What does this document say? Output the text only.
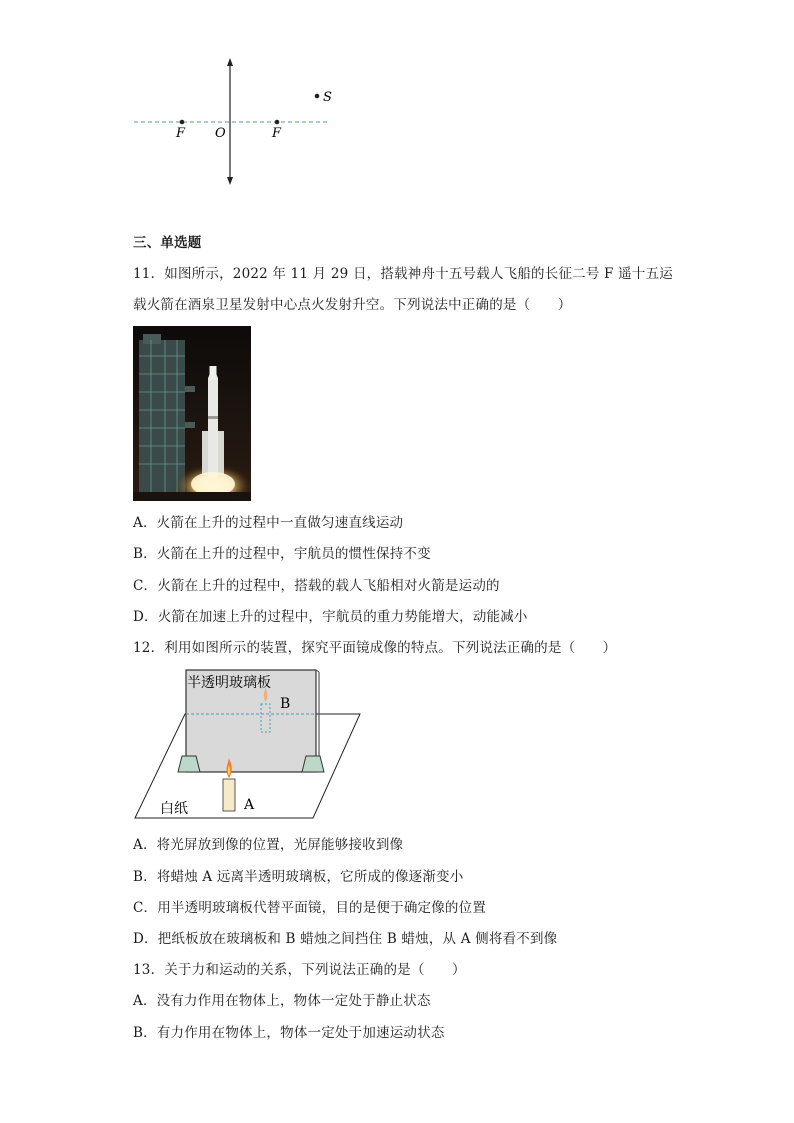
S
F O	F
三、单选题
11．如图所示，2022 年 11 月 29 日，搭载神舟十五号载人飞船的长征二号 F 遥十五运
载火箭在酒泉卫星发射中心点火发射升空。下列说法中正确的是（　　）
A．火箭在上升的过程中一直做匀速直线运动
B．火箭在上升的过程中，宇航员的惯性保持不变
C．火箭在上升的过程中，搭载的载人飞船相对火箭是运动的
D．火箭在加速上升的过程中，宇航员的重力势能增大，动能减小
12．利用如图所示的装置，探究平面镜成像的特点。下列说法正确的是（　　）
半透明玻璃板
B
A
白纸
A．将光屏放到像的位置，光屏能够接收到像
B．将蜡烛 A 远离半透明玻璃板，它所成的像逐渐变小
C．用半透明玻璃板代替平面镜，目的是便于确定像的位置
D．把纸板放在玻璃板和 B 蜡烛之间挡住 B 蜡烛，从 A 侧将看不到像
13．关于力和运动的关系，下列说法正确的是（　　）
A．没有力作用在物体上，物体一定处于静止状态
B．有力作用在物体上，物体一定处于加速运动状态
